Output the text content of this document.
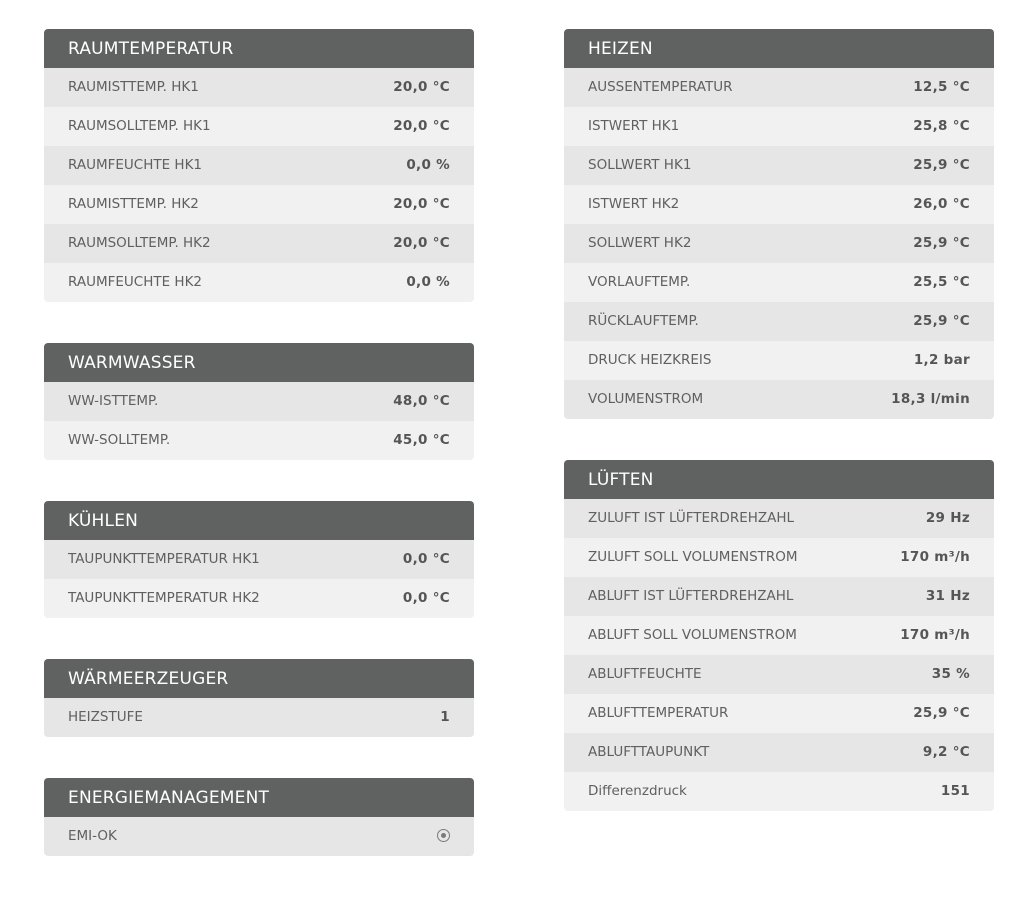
RAUMTEMPERATUR
RAUMISTTEMP. HK1	20,0 °C
RAUMSOLLTEMP. HK1	20,0 °C
RAUMFEUCHTE HK1	0,0 %
RAUMISTTEMP. HK2	20,0 °C
RAUMSOLLTEMP. HK2	20,0 °C
RAUMFEUCHTE HK2	0,0 %
WARMWASSER
WW-ISTTEMP.	48,0 °C
WW-SOLLTEMP.	45,0 °C
KÜHLEN
TAUPUNKTTEMPERATUR HK1	0,0 °C
TAUPUNKTTEMPERATUR HK2	0,0 °C
WÄRMEERZEUGER
HEIZSTUFE	1
ENERGIEMANAGEMENT
EMI-OK
HEIZEN
AUSSENTEMPERATUR	12,5 °C
ISTWERT HK1	25,8 °C
SOLLWERT HK1	25,9 °C
ISTWERT HK2	26,0 °C
SOLLWERT HK2	25,9 °C
VORLAUFTEMP.	25,5 °C
RÜCKLAUFTEMP.	25,9 °C
DRUCK HEIZKREIS	1,2 bar
VOLUMENSTROM	18,3 l/min
LÜFTEN
ZULUFT IST LÜFTERDREHZAHL	29 Hz
ZULUFT SOLL VOLUMENSTROM	170 m³/h
ABLUFT IST LÜFTERDREHZAHL	31 Hz
ABLUFT SOLL VOLUMENSTROM	170 m³/h
ABLUFTFEUCHTE	35 %
ABLUFTTEMPERATUR	25,9 °C
ABLUFTTAUPUNKT	9,2 °C
Differenzdruck	151
